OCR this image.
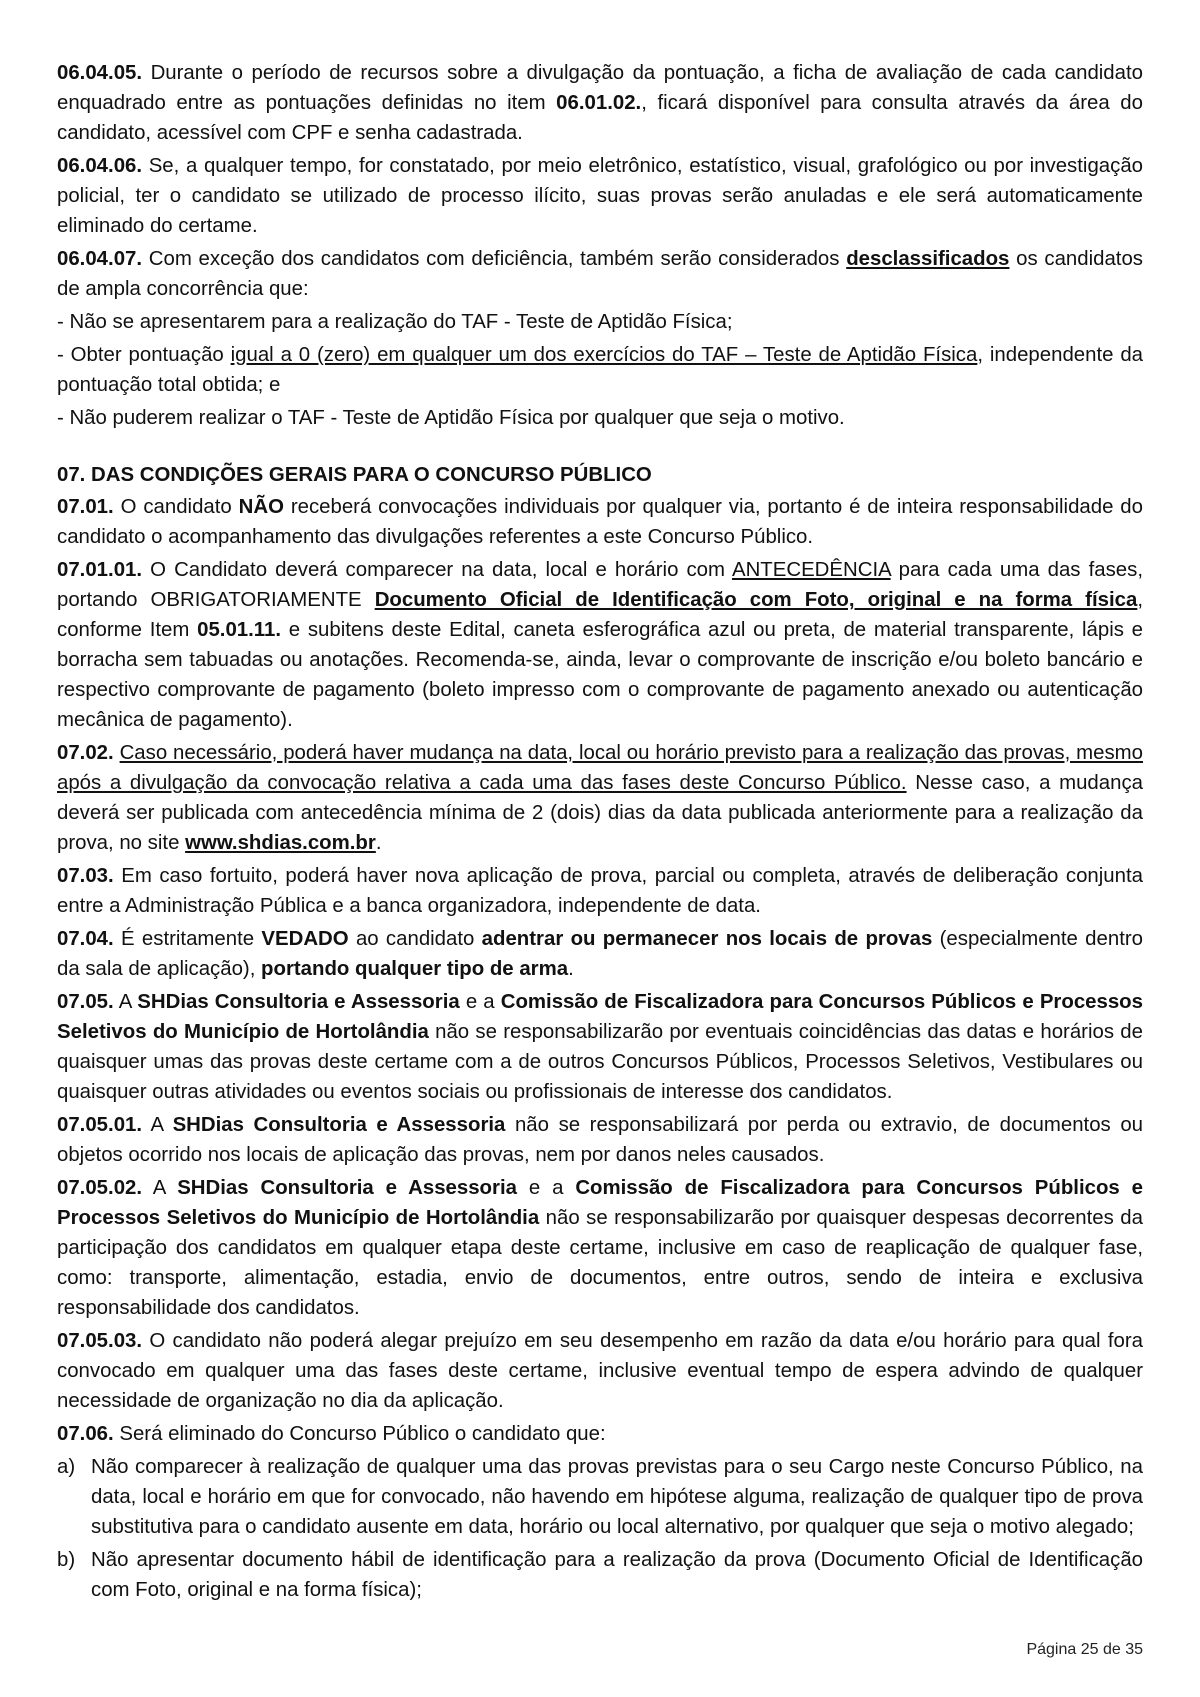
06.04.05. Durante o período de recursos sobre a divulgação da pontuação, a ficha de avaliação de cada candidato enquadrado entre as pontuações definidas no item 06.01.02., ficará disponível para consulta através da área do candidato, acessível com CPF e senha cadastrada.

06.04.06. Se, a qualquer tempo, for constatado, por meio eletrônico, estatístico, visual, grafológico ou por investigação policial, ter o candidato se utilizado de processo ilícito, suas provas serão anuladas e ele será automaticamente eliminado do certame.

06.04.07. Com exceção dos candidatos com deficiência, também serão considerados desclassificados os candidatos de ampla concorrência que:

- Não se apresentarem para a realização do TAF - Teste de Aptidão Física;

- Obter pontuação igual a 0 (zero) em qualquer um dos exercícios do TAF – Teste de Aptidão Física, independente da pontuação total obtida; e

- Não puderem realizar o TAF - Teste de Aptidão Física por qualquer que seja o motivo.

07. DAS CONDIÇÕES GERAIS PARA O CONCURSO PÚBLICO

07.01. O candidato NÃO receberá convocações individuais por qualquer via, portanto é de inteira responsabilidade do candidato o acompanhamento das divulgações referentes a este Concurso Público.

07.01.01. O Candidato deverá comparecer na data, local e horário com ANTECEDÊNCIA para cada uma das fases, portando OBRIGATORIAMENTE Documento Oficial de Identificação com Foto, original e na forma física, conforme Item 05.01.11. e subitens deste Edital, caneta esferográfica azul ou preta, de material transparente, lápis e borracha sem tabuadas ou anotações. Recomenda-se, ainda, levar o comprovante de inscrição e/ou boleto bancário e respectivo comprovante de pagamento (boleto impresso com o comprovante de pagamento anexado ou autenticação mecânica de pagamento).

07.02. Caso necessário, poderá haver mudança na data, local ou horário previsto para a realização das provas, mesmo após a divulgação da convocação relativa a cada uma das fases deste Concurso Público. Nesse caso, a mudança deverá ser publicada com antecedência mínima de 2 (dois) dias da data publicada anteriormente para a realização da prova, no site www.shdias.com.br.

07.03. Em caso fortuito, poderá haver nova aplicação de prova, parcial ou completa, através de deliberação conjunta entre a Administração Pública e a banca organizadora, independente de data.

07.04. É estritamente VEDADO ao candidato adentrar ou permanecer nos locais de provas (especialmente dentro da sala de aplicação), portando qualquer tipo de arma.

07.05. A SHDias Consultoria e Assessoria e a Comissão de Fiscalizadora para Concursos Públicos e Processos Seletivos do Município de Hortolândia não se responsabilizarão por eventuais coincidências das datas e horários de quaisquer umas das provas deste certame com a de outros Concursos Públicos, Processos Seletivos, Vestibulares ou quaisquer outras atividades ou eventos sociais ou profissionais de interesse dos candidatos.

07.05.01. A SHDias Consultoria e Assessoria não se responsabilizará por perda ou extravio, de documentos ou objetos ocorrido nos locais de aplicação das provas, nem por danos neles causados.

07.05.02. A SHDias Consultoria e Assessoria e a Comissão de Fiscalizadora para Concursos Públicos e Processos Seletivos do Município de Hortolândia não se responsabilizarão por quaisquer despesas decorrentes da participação dos candidatos em qualquer etapa deste certame, inclusive em caso de reaplicação de qualquer fase, como: transporte, alimentação, estadia, envio de documentos, entre outros, sendo de inteira e exclusiva responsabilidade dos candidatos.

07.05.03. O candidato não poderá alegar prejuízo em seu desempenho em razão da data e/ou horário para qual fora convocado em qualquer uma das fases deste certame, inclusive eventual tempo de espera advindo de qualquer necessidade de organização no dia da aplicação.

07.06. Será eliminado do Concurso Público o candidato que:

a) Não comparecer à realização de qualquer uma das provas previstas para o seu Cargo neste Concurso Público, na data, local e horário em que for convocado, não havendo em hipótese alguma, realização de qualquer tipo de prova substitutiva para o candidato ausente em data, horário ou local alternativo, por qualquer que seja o motivo alegado;
b) Não apresentar documento hábil de identificação para a realização da prova (Documento Oficial de Identificação com Foto, original e na forma física);
Página 25 de 35
